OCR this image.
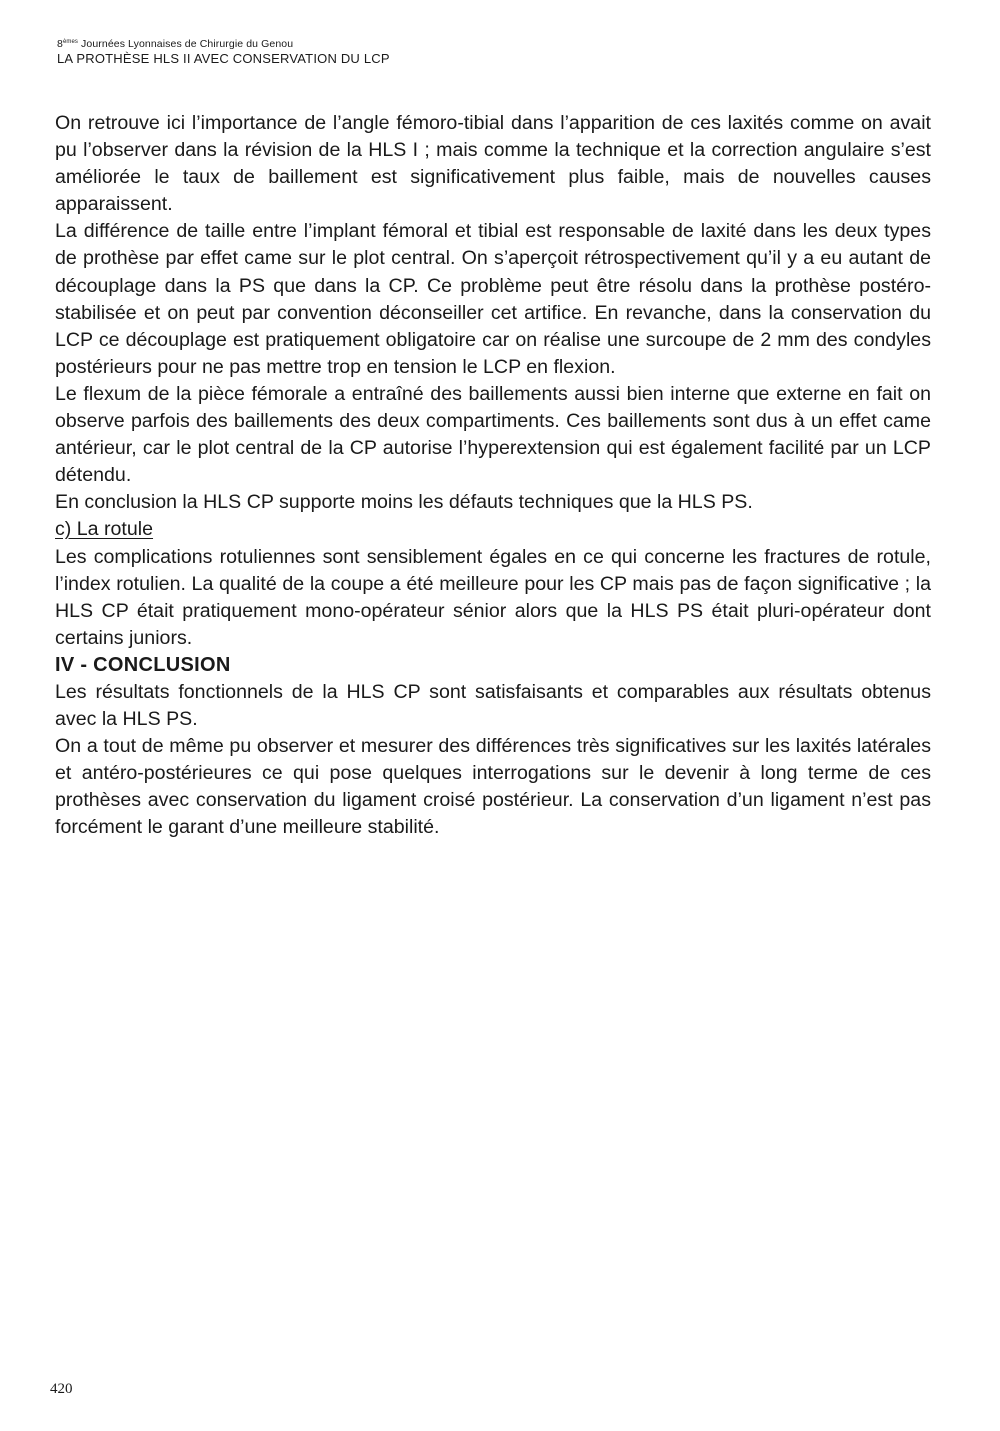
8èmes Journées Lyonnaises de Chirurgie du Genou
LA PROTHÈSE HLS II AVEC CONSERVATION DU LCP

On retrouve ici l’importance de l’angle fémoro-tibial dans l’apparition de ces laxités comme on avait pu l’observer dans la révision de la HLS I ; mais comme la technique et la correction angulaire s’est améliorée le taux de baillement est significativement plus faible, mais de nouvelles causes apparaissent.

La différence de taille entre l’implant fémoral et tibial est responsable de laxité dans les deux types de prothèse par effet came sur le plot central. On s’aperçoit rétrospectivement qu’il y a eu autant de découplage dans la PS que dans la CP. Ce problème peut être résolu dans la prothèse postéro-stabilisée et on peut par convention déconseiller cet artifice. En revanche, dans la conservation du LCP ce découplage est pratiquement obligatoire car on réalise une surcoupe de 2 mm des condyles postérieurs pour ne pas mettre trop en tension le LCP en flexion.

Le flexum de la pièce fémorale a entraîné des baillements aussi bien interne que externe en fait on observe parfois des baillements des deux compartiments. Ces baillements sont dus à un effet came antérieur, car le plot central de la CP autorise l’hyperextension qui est également facilité par un LCP détendu.

En conclusion la HLS CP supporte moins les défauts techniques que la HLS PS.

c) La rotule

Les complications rotuliennes sont sensiblement égales en ce qui concerne les fractures de rotule, l’index rotulien. La qualité de la coupe a été meilleure pour les CP mais pas de façon significative ; la HLS CP était pratiquement mono-opérateur sénior alors que la HLS PS était pluri-opérateur dont certains juniors.

IV - CONCLUSION

Les résultats fonctionnels de la HLS CP sont satisfaisants et comparables aux résultats obtenus avec la HLS PS.

On a tout de même pu observer et mesurer des différences très significatives sur les laxités latérales et antéro-postérieures ce qui pose quelques interrogations sur le devenir à long terme de ces prothèses avec conservation du ligament croisé postérieur. La conservation d’un ligament n’est pas forcément le garant d’une meilleure stabilité.

420
